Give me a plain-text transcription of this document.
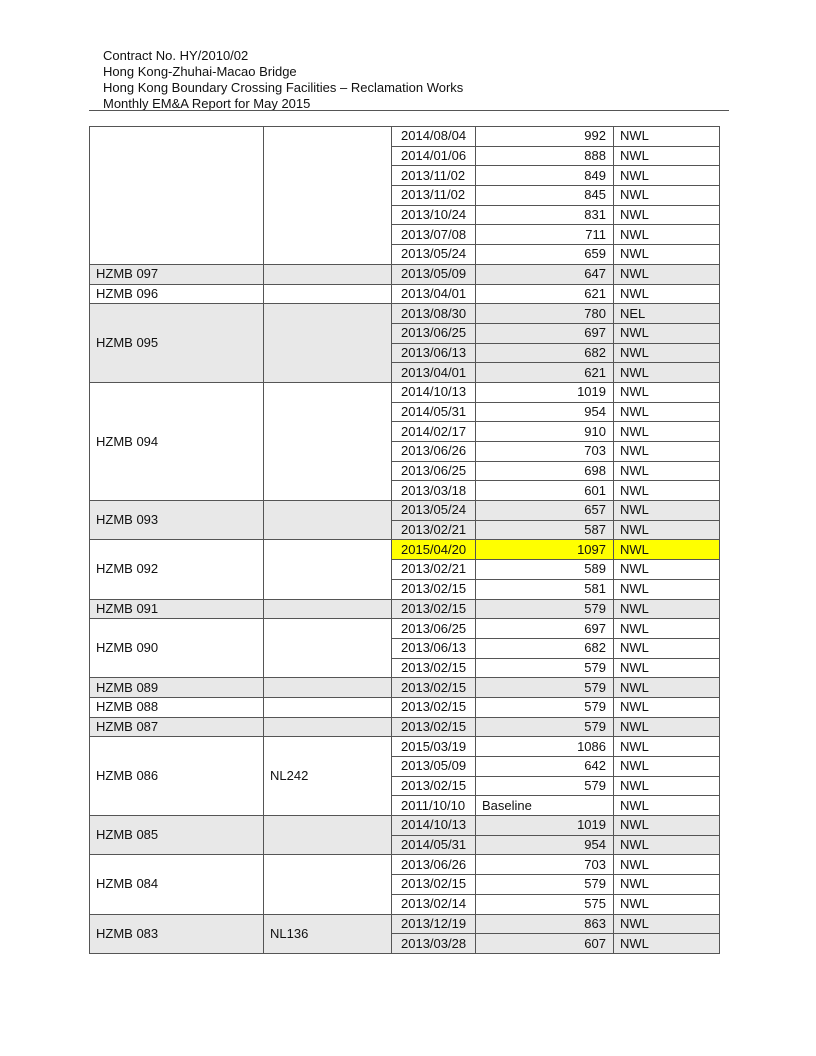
Contract No. HY/2010/02
Hong Kong-Zhuhai-Macao Bridge
Hong Kong Boundary Crossing Facilities – Reclamation Works
Monthly EM&A Report for May 2015
		2014/08/04	992	NWL
		2014/01/06	888	NWL
		2013/11/02	849	NWL
		2013/11/02	845	NWL
		2013/10/24	831	NWL
		2013/07/08	711	NWL
		2013/05/24	659	NWL
HZMB 097		2013/05/09	647	NWL
HZMB 096		2013/04/01	621	NWL
HZMB 095		2013/08/30	780	NEL
		2013/06/25	697	NWL
		2013/06/13	682	NWL
		2013/04/01	621	NWL
HZMB 094		2014/10/13	1019	NWL
		2014/05/31	954	NWL
		2014/02/17	910	NWL
		2013/06/26	703	NWL
		2013/06/25	698	NWL
		2013/03/18	601	NWL
HZMB 093		2013/05/24	657	NWL
		2013/02/21	587	NWL
HZMB 092		2015/04/20	1097	NWL
		2013/02/21	589	NWL
		2013/02/15	581	NWL
HZMB 091		2013/02/15	579	NWL
HZMB 090		2013/06/25	697	NWL
		2013/06/13	682	NWL
		2013/02/15	579	NWL
HZMB 089		2013/02/15	579	NWL
HZMB 088		2013/02/15	579	NWL
HZMB 087		2013/02/15	579	NWL
HZMB 086	NL242	2015/03/19	1086	NWL
		2013/05/09	642	NWL
		2013/02/15	579	NWL
		2011/10/10	Baseline	NWL
HZMB 085		2014/10/13	1019	NWL
		2014/05/31	954	NWL
HZMB 084		2013/06/26	703	NWL
		2013/02/15	579	NWL
		2013/02/14	575	NWL
HZMB 083	NL136	2013/12/19	863	NWL
		2013/03/28	607	NWL
